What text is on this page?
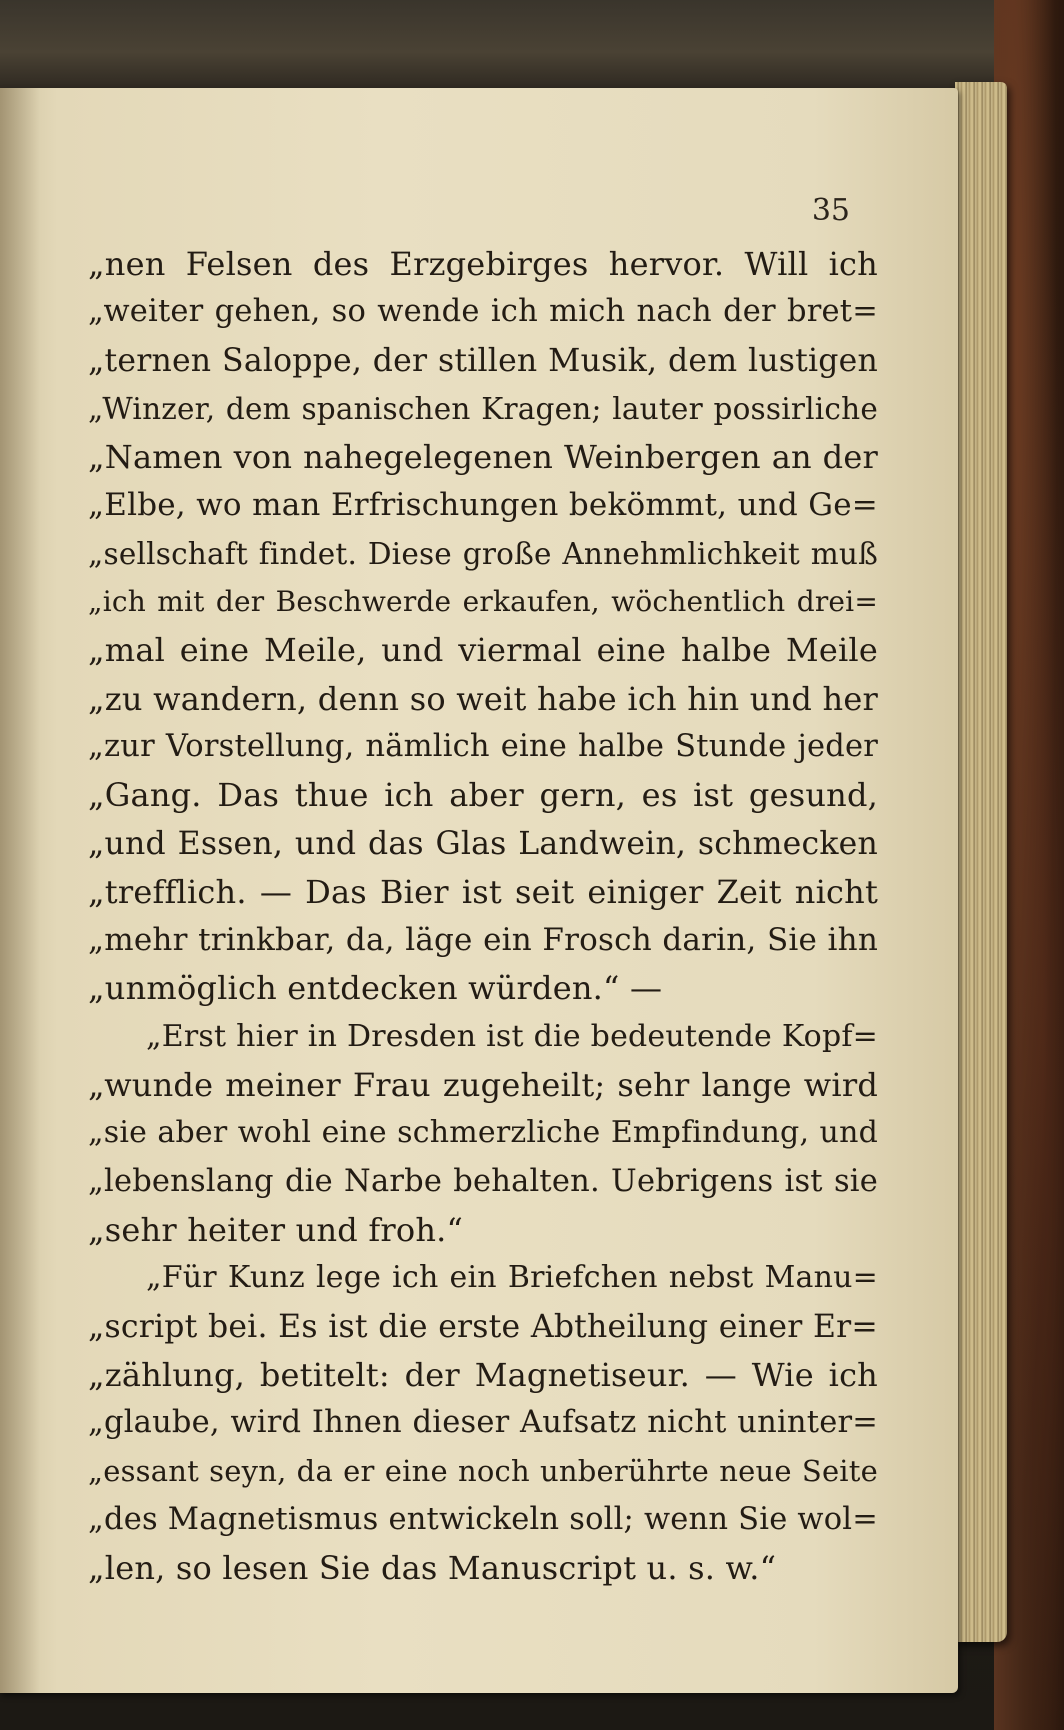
35
„nen Felsen des Erzgebirges hervor. Will ich
„weiter gehen, so wende ich mich nach der bret=
„ternen Saloppe, der stillen Musik, dem lustigen
„Winzer, dem spanischen Kragen; lauter possirliche
„Namen von nahegelegenen Weinbergen an der
„Elbe, wo man Erfrischungen bekömmt, und Ge=
„sellschaft findet. Diese große Annehmlichkeit muß
„ich mit der Beschwerde erkaufen, wöchentlich drei=
„mal eine Meile, und viermal eine halbe Meile
„zu wandern, denn so weit habe ich hin und her
„zur Vorstellung, nämlich eine halbe Stunde jeder
„Gang. Das thue ich aber gern, es ist gesund,
„und Essen, und das Glas Landwein, schmecken
„trefflich. — Das Bier ist seit einiger Zeit nicht
„mehr trinkbar, da, läge ein Frosch darin, Sie ihn
„unmöglich entdecken würden.“ —
„Erst hier in Dresden ist die bedeutende Kopf=
„wunde meiner Frau zugeheilt; sehr lange wird
„sie aber wohl eine schmerzliche Empfindung, und
„lebenslang die Narbe behalten. Uebrigens ist sie
„sehr heiter und froh.“
„Für Kunz lege ich ein Briefchen nebst Manu=
„script bei. Es ist die erste Abtheilung einer Er=
„zählung, betitelt: der Magnetiseur. — Wie ich
„glaube, wird Ihnen dieser Aufsatz nicht uninter=
„essant seyn, da er eine noch unberührte neue Seite
„des Magnetismus entwickeln soll; wenn Sie wol=
„len, so lesen Sie das Manuscript u. s. w.“
